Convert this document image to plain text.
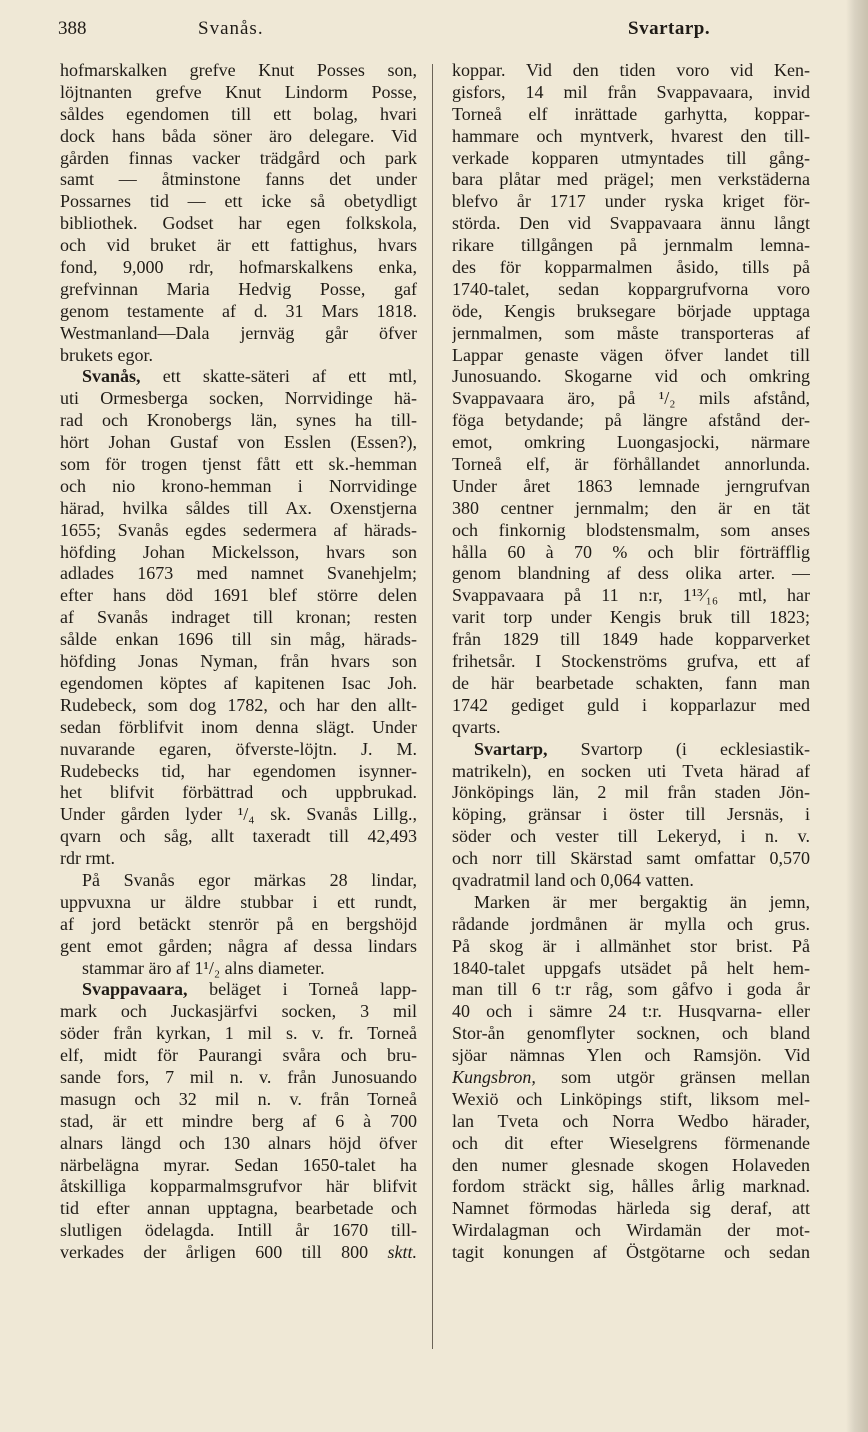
388	Svanås.	Svartarp.
hofmarskalken grefve Knut Posses son,
löjtnanten grefve Knut Lindorm Posse,
såldes egendomen till ett bolag, hvari
dock hans båda söner äro delegare. Vid
gården finnas vacker trädgård och park
samt — åtminstone fanns det under
Possarnes tid — ett icke så obetydligt
bibliothek. Godset har egen folkskola,
och vid bruket är ett fattighus, hvars
fond, 9,000 rdr, hofmarskalkens enka,
grefvinnan Maria Hedvig Posse, gaf
genom testamente af d. 31 Mars 1818.
Westmanland—Dala jernväg går öfver
brukets egor.
Svanås, ett skatte-säteri af ett mtl,
uti Ormesberga socken, Norrvidinge hä-
rad och Kronobergs län, synes ha till-
hört Johan Gustaf von Esslen (Essen?),
som för trogen tjenst fått ett sk.-hemman
och nio krono-hemman i Norrvidinge
härad, hvilka såldes till Ax. Oxenstjerna
1655; Svanås egdes sedermera af härads-
höfding Johan Mickelsson, hvars son
adlades 1673 med namnet Svanehjelm;
efter hans död 1691 blef större delen
af Svanås indraget till kronan; resten
sålde enkan 1696 till sin måg, härads-
höfding Jonas Nyman, från hvars son
egendomen köptes af kapitenen Isac Joh.
Rudebeck, som dog 1782, och har den allt-
sedan förblifvit inom denna slägt. Under
nuvarande egaren, öfverste-löjtn. J. M.
Rudebecks tid, har egendomen isynner-
het blifvit förbättrad och uppbrukad.
Under gården lyder ¹/₄ sk. Svanås Lillg.,
qvarn och såg, allt taxeradt till 42,493
rdr rmt.
På Svanås egor märkas 28 lindar,
uppvuxna ur äldre stubbar i ett rundt,
af jord betäckt stenrör på en bergshöjd
gent emot gården; några af dessa lindars
stammar äro af 1¹/₂ alns diameter.
Svappavaara, beläget i Torneå lapp-
mark och Juckasjärfvi socken, 3 mil
söder från kyrkan, 1 mil s. v. fr. Torneå
elf, midt för Paurangi svåra och bru-
sande fors, 7 mil n. v. från Junosuando
masugn och 32 mil n. v. från Torneå
stad, är ett mindre berg af 6 à 700
alnars längd och 130 alnars höjd öfver
närbelägna myrar. Sedan 1650-talet ha
åtskilliga kopparmalmsgrufvor här blifvit
tid efter annan upptagna, bearbetade och
slutligen ödelagda. Intill år 1670 till-
verkades der årligen 600 till 800 sktt.
koppar. Vid den tiden voro vid Ken-
gisfors, 14 mil från Svappavaara, invid
Torneå elf inrättade garhytta, koppar-
hammare och myntverk, hvarest den till-
verkade kopparen utmyntades till gång-
bara plåtar med prägel; men verkstäderna
blefvo år 1717 under ryska kriget för-
störda. Den vid Svappavaara ännu långt
rikare tillgången på jernmalm lemna-
des för kopparmalmen åsido, tills på
1740-talet, sedan koppargrufvorna voro
öde, Kengis bruksegare började upptaga
jernmalmen, som måste transporteras af
Lappar genaste vägen öfver landet till
Junosuando. Skogarne vid och omkring
Svappavaara äro, på ¹/₂ mils afstånd,
föga betydande; på längre afstånd der-
emot, omkring Luongasjocki, närmare
Torneå elf, är förhållandet annorlunda.
Under året 1863 lemnade jerngrufvan
380 centner jernmalm; den är en tät
och finkornig blodstensmalm, som anses
hålla 60 à 70 % och blir förträfflig
genom blandning af dess olika arter. —
Svappavaara på 11 n:r, 1¹³⁄₁₆ mtl, har
varit torp under Kengis bruk till 1823;
från 1829 till 1849 hade kopparverket
frihetsår. I Stockenströms grufva, ett af
de här bearbetade schakten, fann man
1742 gediget guld i kopparlazur med
qvarts.
Svartarp, Svartorp (i ecklesiastik-
matrikeln), en socken uti Tveta härad af
Jönköpings län, 2 mil från staden Jön-
köping, gränsar i öster till Jersnäs, i
söder och vester till Lekeryd, i n. v.
och norr till Skärstad samt omfattar 0,570
qvadratmil land och 0,064 vatten.
Marken är mer bergaktig än jemn,
rådande jordmånen är mylla och grus.
På skog är i allmänhet stor brist. På
1840-talet uppgafs utsädet på helt hem-
man till 6 t:r råg, som gåfvo i goda år
40 och i sämre 24 t:r. Husqvarna- eller
Stor-ån genomflyter socknen, och bland
sjöar nämnas Ylen och Ramsjön. Vid
Kungsbron, som utgör gränsen mellan
Wexiö och Linköpings stift, liksom mel-
lan Tveta och Norra Wedbo härader,
och dit efter Wieselgrens förmenande
den numer glesnade skogen Holaveden
fordom sträckt sig, hålles årlig marknad.
Namnet förmodas härleda sig deraf, att
Wirdalagman och Wirdamän der mot-
tagit konungen af Östgötarne och sedan
